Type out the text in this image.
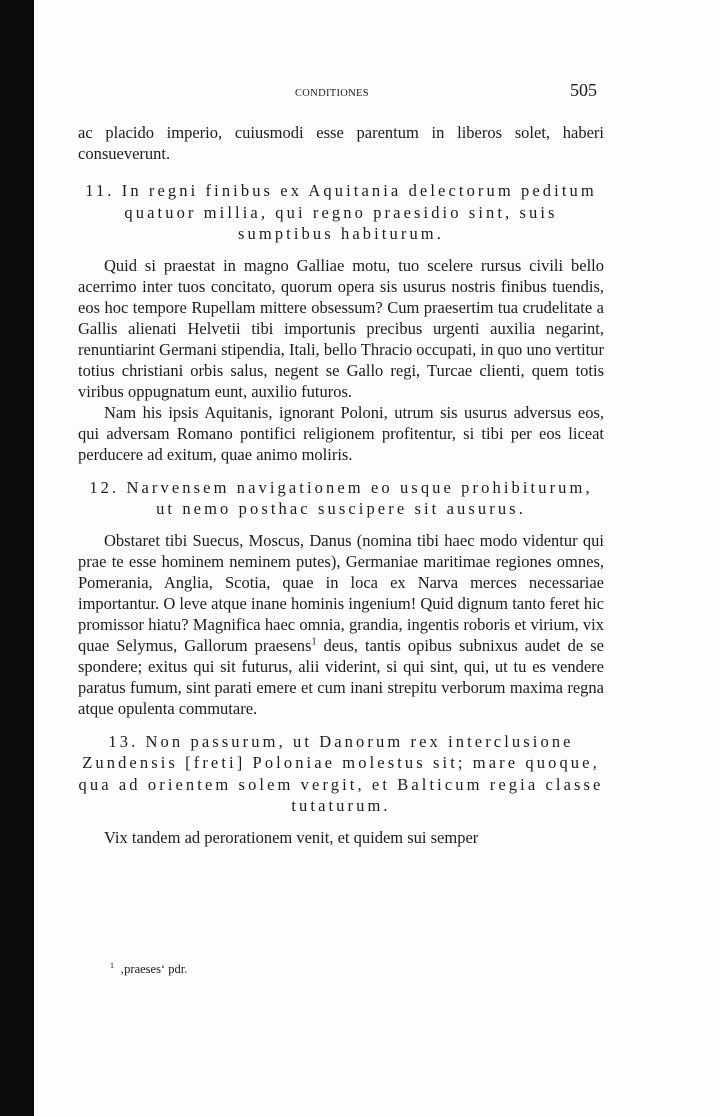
CONDITIONES	505

ac placido imperio, cuiusmodi esse parentum in liberos solet, haberi consueverunt.

11. In regni finibus ex Aquitania delectorum peditum quatuor millia, qui regno praesidio sint, suis sumptibus habiturum.

Quid si praestat in magno Galliae motu, tuo scelere rursus civili bello acerrimo inter tuos concitato, quorum opera sis usurus nostris finibus tuendis, eos hoc tempore Rupellam mittere obsessum? Cum praesertim tua crudelitate a Gallis alienati Helvetii tibi importunis precibus urgenti auxilia negarint, renuntiarint Germani stipendia, Itali, bello Thracio occupati, in quo uno vertitur totius christiani orbis salus, negent se Gallo regi, Turcae clienti, quem totis viribus oppugnatum eunt, auxilio futuros.

Nam his ipsis Aquitanis, ignorant Poloni, utrum sis usurus adversus eos, qui adversam Romano pontifici religionem profitentur, si tibi per eos liceat perducere ad exitum, quae animo moliris.

12. Narvensem navigationem eo usque prohibiturum, ut nemo posthac suscipere sit ausurus.

Obstaret tibi Suecus, Moscus, Danus (nomina tibi haec modo videntur qui prae te esse hominem neminem putes), Germaniae maritimae regiones omnes, Pomerania, Anglia, Scotia, quae in loca ex Narva merces necessariae importantur. O leve atque inane hominis ingenium! Quid dignum tanto feret hic promissor hiatu? Magnifica haec omnia, grandia, ingentis roboris et virium, vix quae Selymus, Gallorum praesens$^1$ deus, tantis opibus subnixus audet de se spondere; exitus qui sit futurus, alii viderint, si qui sint, qui, ut tu es vendere paratus fumum, sint parati emere et cum inani strepitu verborum maxima regna atque opulenta commutare.

13. Non passurum, ut Danorum rex interclusione Zundensis [freti] Poloniae molestus sit; mare quoque, qua ad orientem solem vergit, et Balticum regia classe tutaturum.

Vix tandem ad perorationem venit, et quidem sui semper

$^1$ ‚praeses‘ pdr.
